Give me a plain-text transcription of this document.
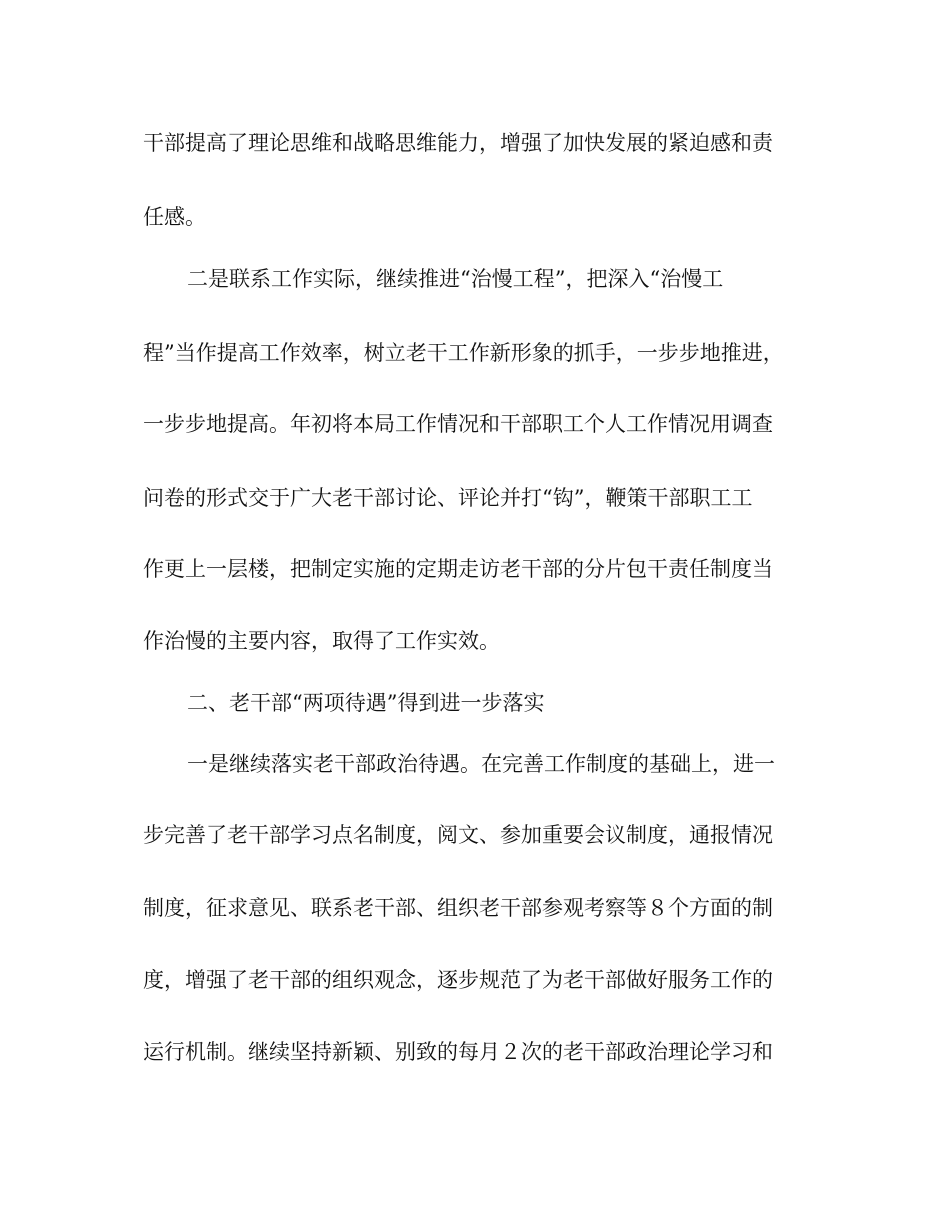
干部提高了理论思维和战略思维能力，增强了加快发展的紧迫感和责

任感。

二是联系工作实际，继续推进“治慢工程”，把深入“治慢工

程”当作提高工作效率，树立老干工作新形象的抓手，一步步地推进，

一步步地提高。年初将本局工作情况和干部职工个人工作情况用调查

问卷的形式交于广大老干部讨论、评论并打“钩”，鞭策干部职工工

作更上一层楼，把制定实施的定期走访老干部的分片包干责任制度当

作治慢的主要内容，取得了工作实效。

二、老干部“两项待遇”得到进一步落实

一是继续落实老干部政治待遇。在完善工作制度的基础上，进一

步完善了老干部学习点名制度，阅文、参加重要会议制度，通报情况

制度，征求意见、联系老干部、组织老干部参观考察等８个方面的制

度，增强了老干部的组织观念，逐步规范了为老干部做好服务工作的

运行机制。继续坚持新颖、别致的每月２次的老干部政治理论学习和
